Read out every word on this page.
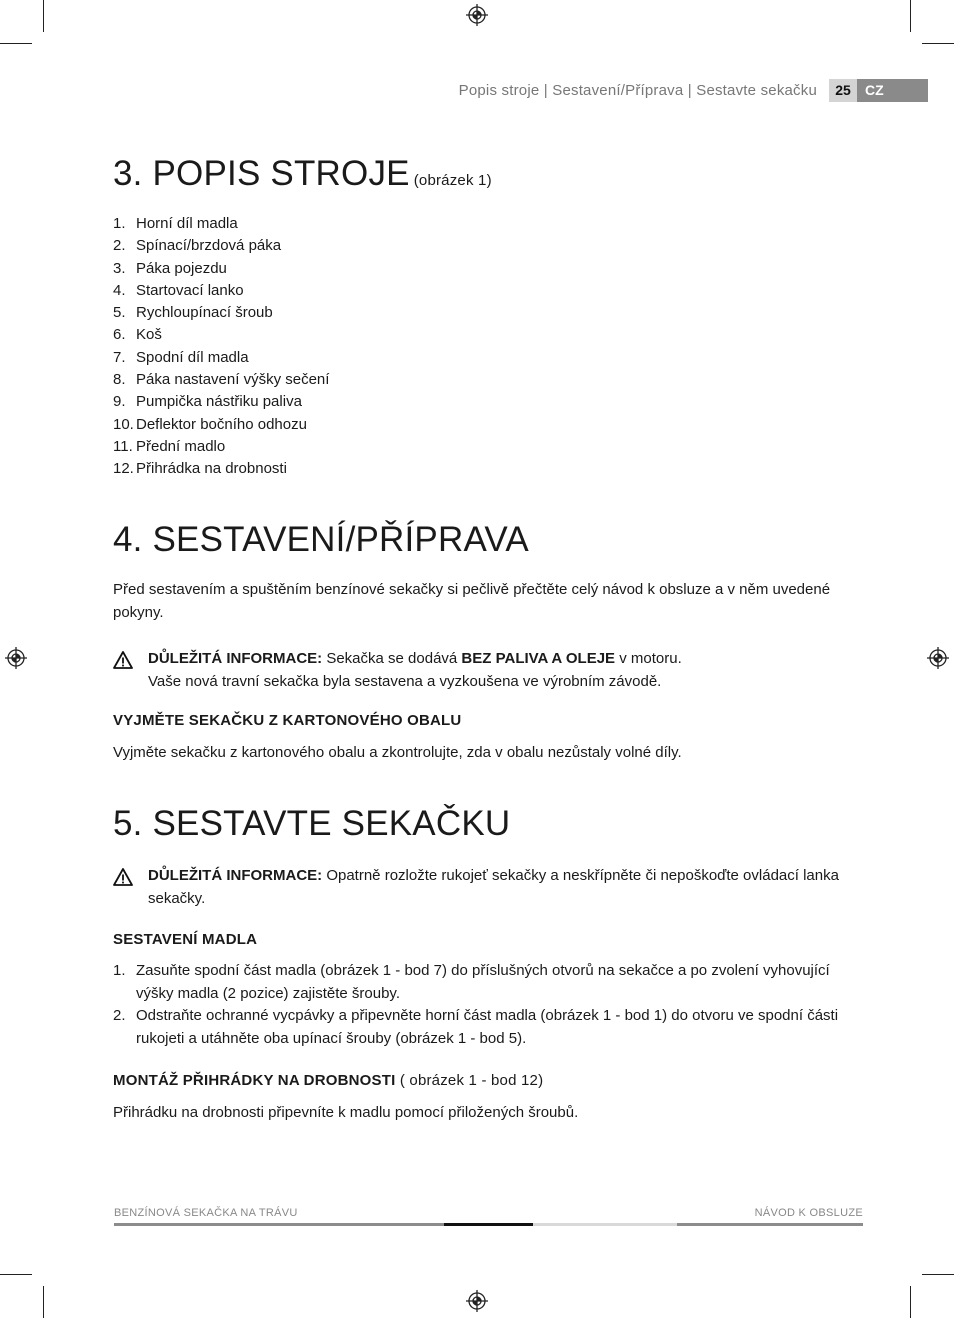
Popis stroje | Sestavení/Příprava | Sestavte sekačku	25	CZ
3. POPIS STROJE (obrázek 1)
1. Horní díl madla
2. Spínací/brzdová páka
3. Páka pojezdu
4. Startovací lanko
5. Rychloupínací šroub
6. Koš
7. Spodní díl madla
8. Páka nastavení výšky sečení
9. Pumpička nástřiku paliva
10. Deflektor bočního odhozu
11. Přední madlo
12. Přihrádka na drobnosti
4. SESTAVENÍ/PŘÍPRAVA
Před sestavením a spuštěním benzínové sekačky si pečlivě přečtěte celý návod k obsluze a v něm uvedené pokyny.
DŮLEŽITÁ INFORMACE: Sekačka se dodává BEZ PALIVA A OLEJE v motoru.
Vaše nová travní sekačka byla sestavena a vyzkoušena ve výrobním závodě.
VYJMĚTE SEKAČKU Z KARTONOVÉHO OBALU
Vyjměte sekačku z kartonového obalu a zkontrolujte, zda v obalu nezůstaly volné díly.
5. SESTAVTE SEKAČKU
DŮLEŽITÁ INFORMACE: Opatrně rozložte rukojeť sekačky a neskřípněte či nepoškoďte ovládací lanka sekačky.
SESTAVENÍ MADLA
1. Zasuňte spodní část madla (obrázek 1 - bod 7) do příslušných otvorů na sekačce a po zvolení vyhovující výšky madla (2 pozice) zajistěte šrouby.
2. Odstraňte ochranné vycpávky a připevněte horní část madla (obrázek 1 - bod 1) do otvoru ve spodní části rukojeti a utáhněte oba upínací šrouby (obrázek 1 - bod 5).
MONTÁŽ PŘIHRÁDKY NA DROBNOSTI ( obrázek 1 - bod 12)
Přihrádku na drobnosti připevníte k madlu pomocí přiložených šroubů.
BENZÍNOVÁ SEKAČKA NA TRÁVU	NÁVOD K OBSLUZE
